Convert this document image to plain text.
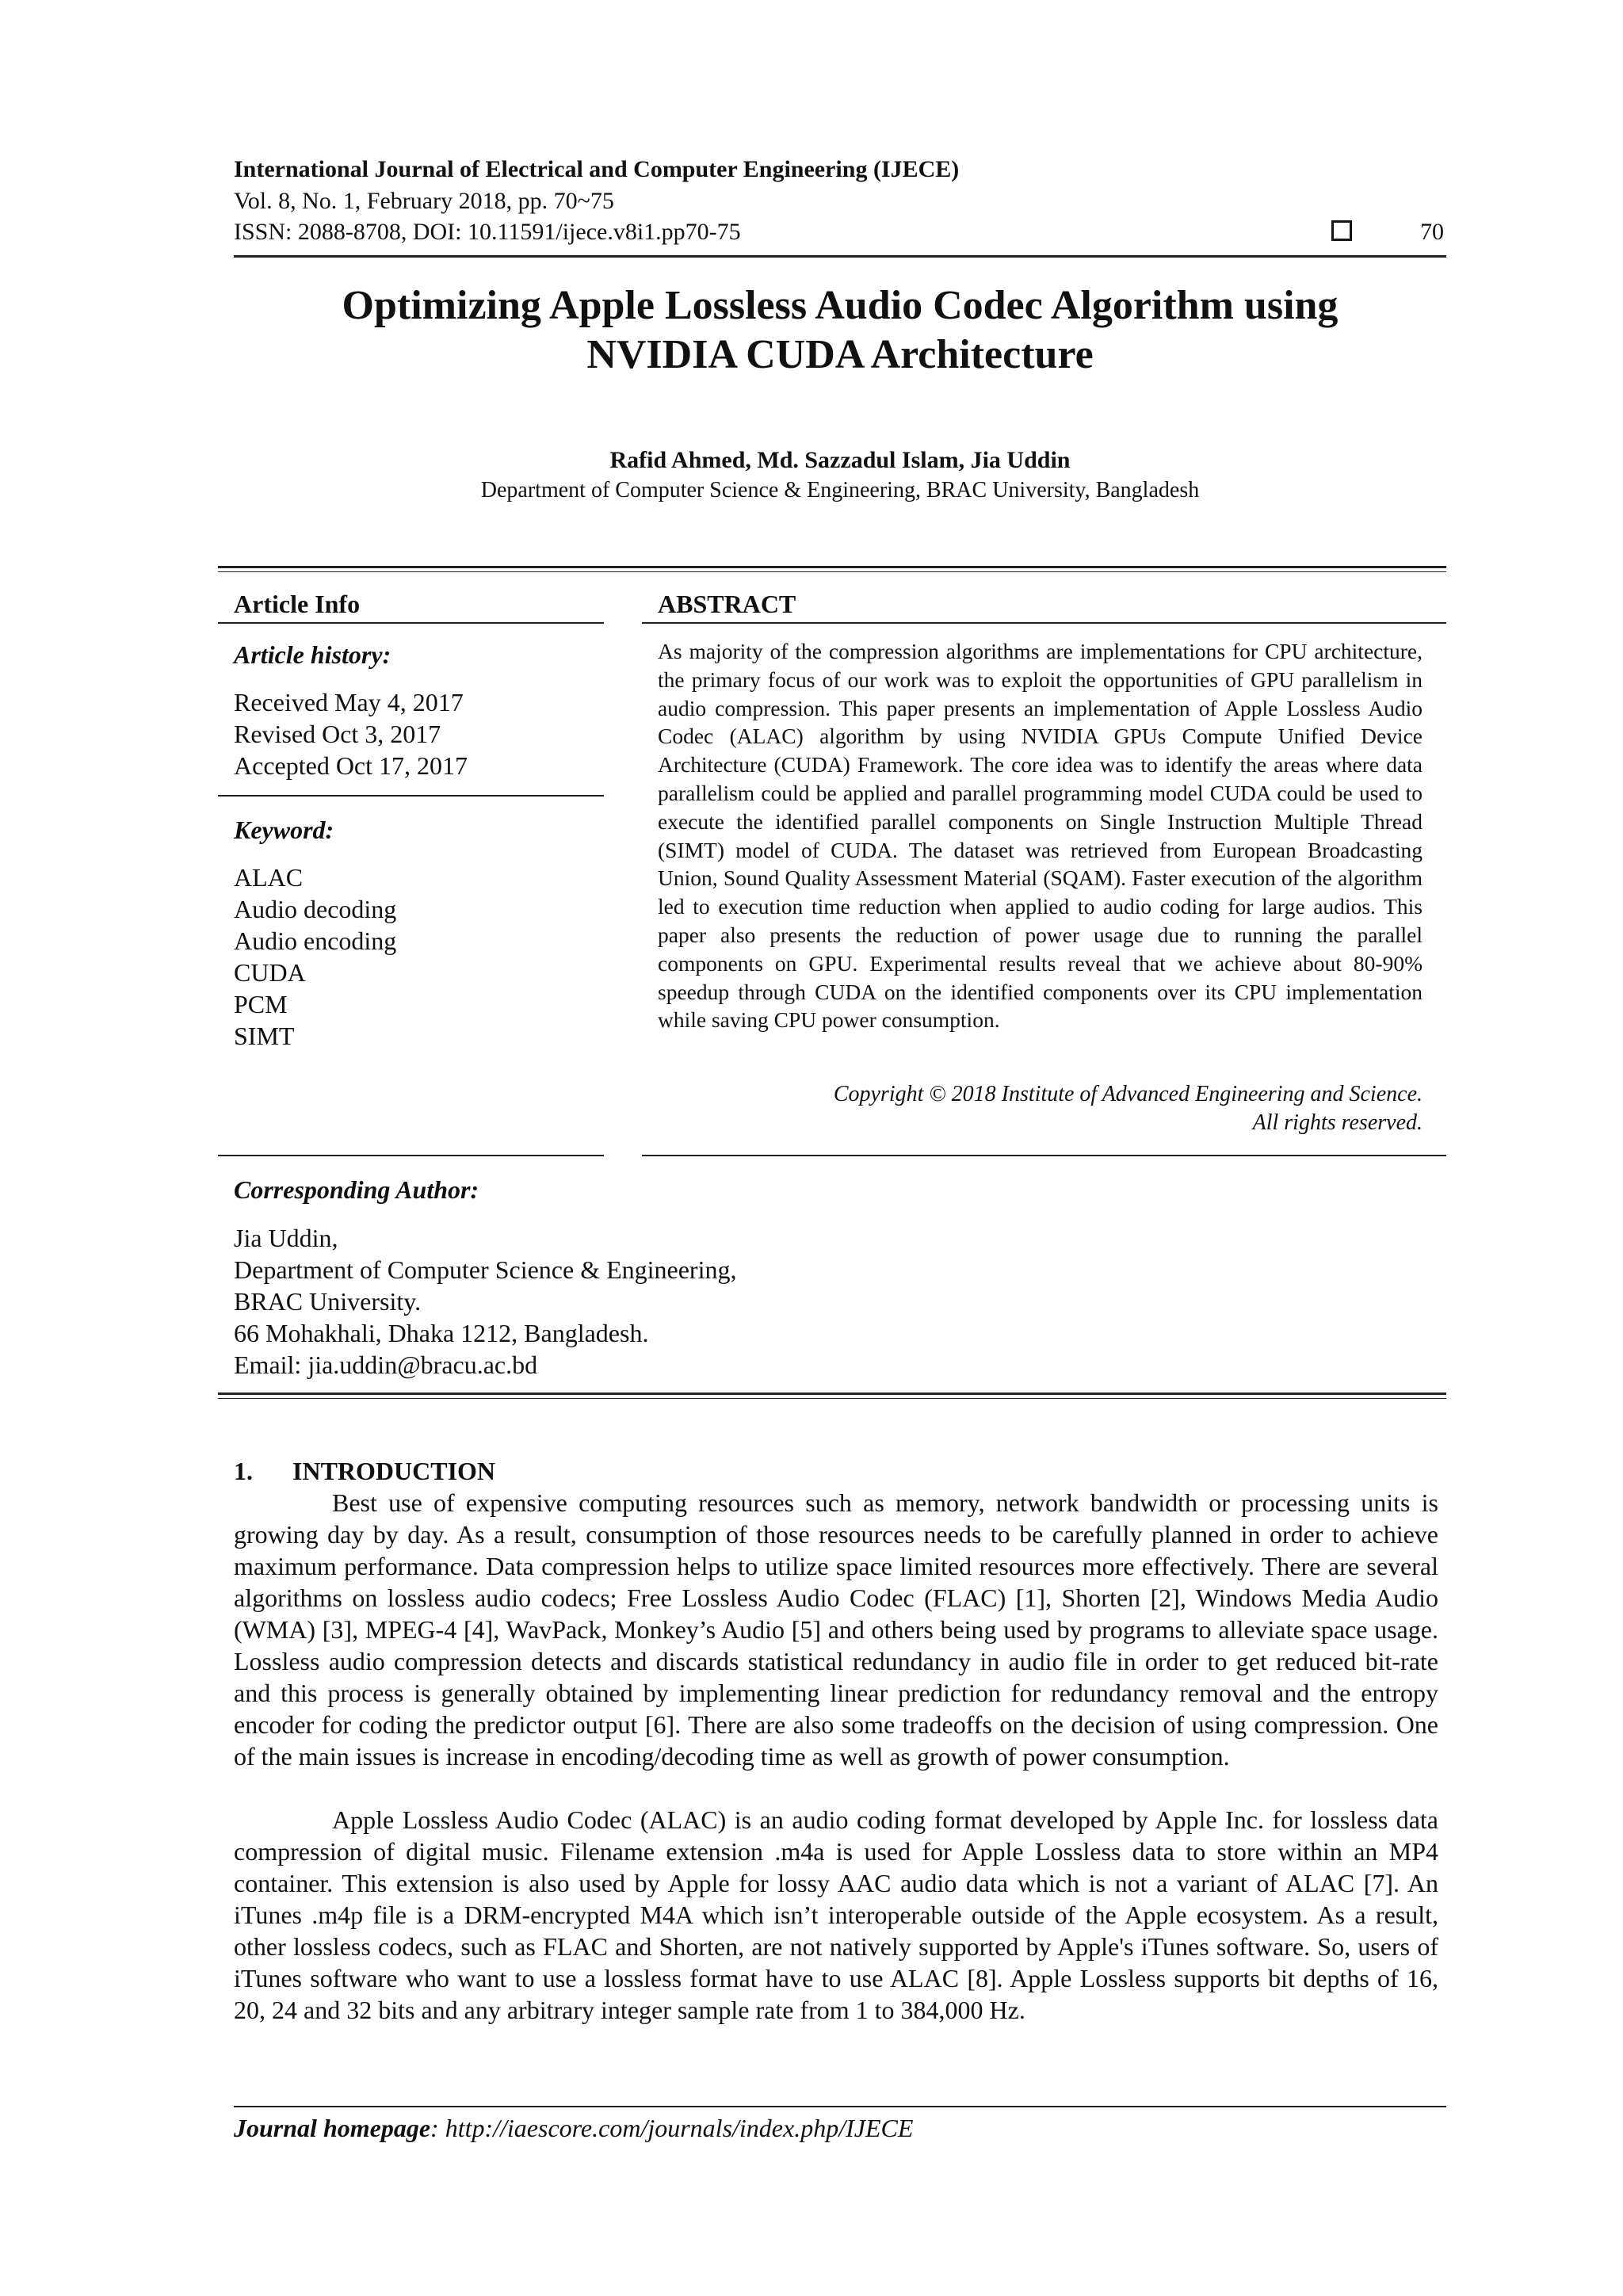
International Journal of Electrical and Computer Engineering (IJECE)
Vol. 8, No. 1, February 2018, pp. 70~75
ISSN: 2088-8708, DOI: 10.11591/ijece.v8i1.pp70-75	70
Optimizing Apple Lossless Audio Codec Algorithm using
NVIDIA CUDA Architecture
Rafid Ahmed, Md. Sazzadul Islam, Jia Uddin
Department of Computer Science & Engineering, BRAC University, Bangladesh
Article Info
Article history:
Received May 4, 2017
Revised Oct 3, 2017
Accepted Oct 17, 2017
Keyword:
ALAC
Audio decoding
Audio encoding
CUDA
PCM
SIMT
ABSTRACT
As majority of the compression algorithms are implementations for CPU architecture, the primary focus of our work was to exploit the opportunities of GPU parallelism in audio compression. This paper presents an implementation of Apple Lossless Audio Codec (ALAC) algorithm by using NVIDIA GPUs Compute Unified Device Architecture (CUDA) Framework. The core idea was to identify the areas where data parallelism could be applied and parallel programming model CUDA could be used to execute the identified parallel components on Single Instruction Multiple Thread (SIMT) model of CUDA. The dataset was retrieved from European Broadcasting Union, Sound Quality Assessment Material (SQAM). Faster execution of the algorithm led to execution time reduction when applied to audio coding for large audios. This paper also presents the reduction of power usage due to running the parallel components on GPU. Experimental results reveal that we achieve about 80-90% speedup through CUDA on the identified components over its CPU implementation while saving CPU power consumption.
Copyright © 2018 Institute of Advanced Engineering and Science.
All rights reserved.
Corresponding Author:
Jia Uddin,
Department of Computer Science & Engineering,
BRAC University.
66 Mohakhali, Dhaka 1212, Bangladesh.
Email: jia.uddin@bracu.ac.bd
1. INTRODUCTION
Best use of expensive computing resources such as memory, network bandwidth or processing units is growing day by day. As a result, consumption of those resources needs to be carefully planned in order to achieve maximum performance. Data compression helps to utilize space limited resources more effectively. There are several algorithms on lossless audio codecs; Free Lossless Audio Codec (FLAC) [1], Shorten [2], Windows Media Audio (WMA) [3], MPEG-4 [4], WavPack, Monkey’s Audio [5] and others being used by programs to alleviate space usage. Lossless audio compression detects and discards statistical redundancy in audio file in order to get reduced bit-rate and this process is generally obtained by implementing linear prediction for redundancy removal and the entropy encoder for coding the predictor output [6]. There are also some tradeoffs on the decision of using compression. One of the main issues is increase in encoding/decoding time as well as growth of power consumption.
Apple Lossless Audio Codec (ALAC) is an audio coding format developed by Apple Inc. for lossless data compression of digital music. Filename extension .m4a is used for Apple Lossless data to store within an MP4 container. This extension is also used by Apple for lossy AAC audio data which is not a variant of ALAC [7]. An iTunes .m4p file is a DRM-encrypted M4A which isn’t interoperable outside of the Apple ecosystem. As a result, other lossless codecs, such as FLAC and Shorten, are not natively supported by Apple's iTunes software. So, users of iTunes software who want to use a lossless format have to use ALAC [8]. Apple Lossless supports bit depths of 16, 20, 24 and 32 bits and any arbitrary integer sample rate from 1 to 384,000 Hz.
Journal homepage: http://iaescore.com/journals/index.php/IJECE
